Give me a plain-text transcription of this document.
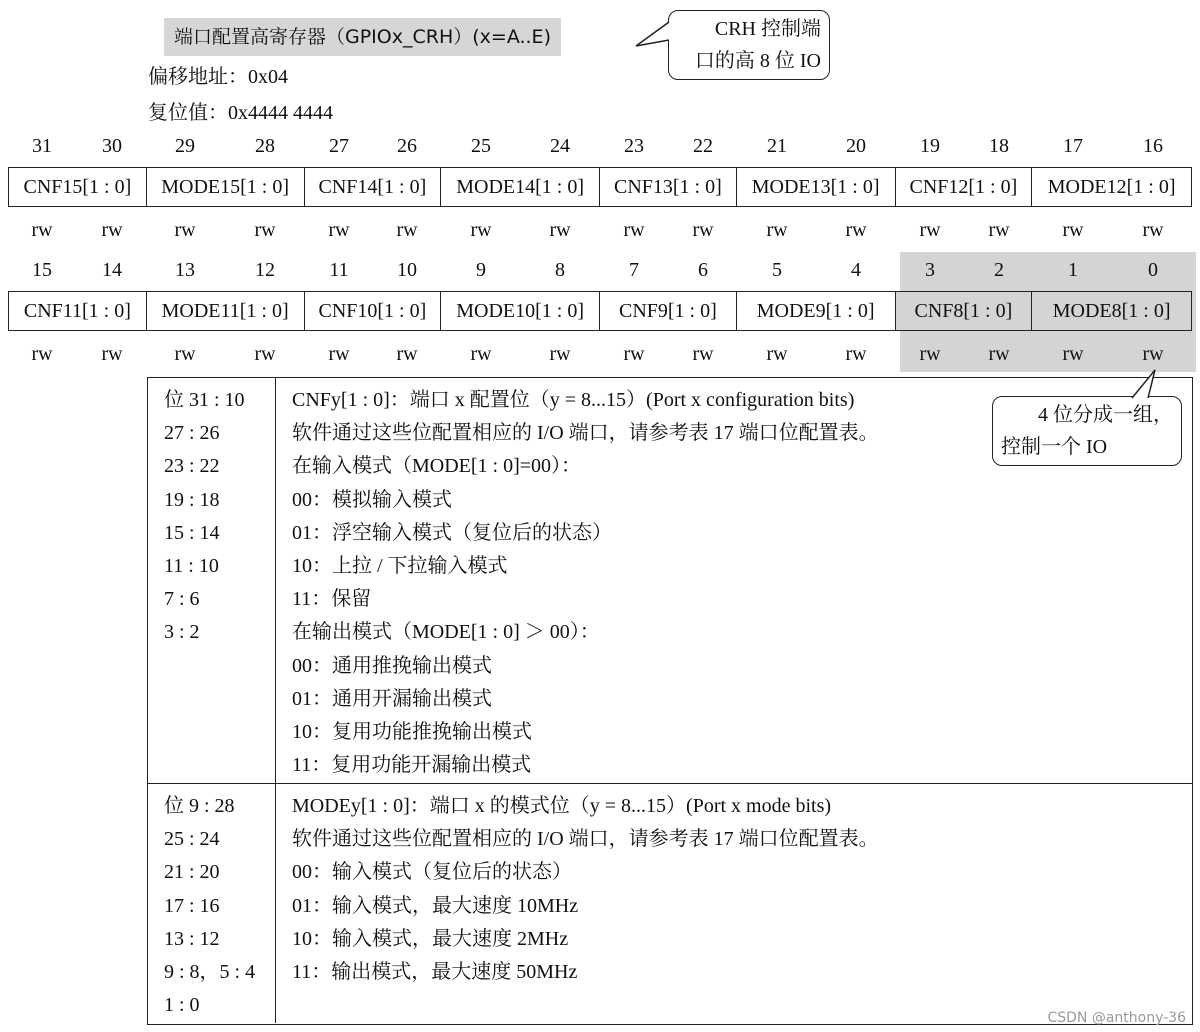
端口配置高寄存器（GPIOx_CRH）(x=A..E)
偏移地址：0x04
复位值：0x4444 4444
CRH 控制端
口的高 8 位 IO
31	30	29	28	27	26	25	24	23	22	21	20	19	18	17	16
CNF15[1 : 0]	MODE15[1 : 0]	CNF14[1 : 0]	MODE14[1 : 0]	CNF13[1 : 0]	MODE13[1 : 0]	CNF12[1 : 0]	MODE12[1 : 0]
rw	rw	rw	rw	rw	rw	rw	rw	rw	rw	rw	rw	rw	rw	rw	rw
15	14	13	12	11	10	9	8	7	6	5	4	3	2	1	0
CNF11[1 : 0]	MODE11[1 : 0]	CNF10[1 : 0]	MODE10[1 : 0]	CNF9[1 : 0]	MODE9[1 : 0]	CNF8[1 : 0]	MODE8[1 : 0]
rw	rw	rw	rw	rw	rw	rw	rw	rw	rw	rw	rw	rw	rw	rw	rw
位 31 : 10
27 : 26
23 : 22
19 : 18
15 : 14
11 : 10
7 : 6
3 : 2
CNFy[1 : 0]：端口 x 配置位（y = 8...15）(Port x configuration bits)
软件通过这些位配置相应的 I/O 端口，请参考表 17 端口位配置表。
在输入模式（MODE[1 : 0]=00）：
00：模拟输入模式
01：浮空输入模式（复位后的状态）
10：上拉 / 下拉输入模式
11：保留
在输出模式（MODE[1 : 0] ＞ 00）：
00：通用推挽输出模式
01：通用开漏输出模式
10：复用功能推挽输出模式
11：复用功能开漏输出模式
位 9 : 28
25 : 24
21 : 20
17 : 16
13 : 12
9 : 8，5 : 4
1 : 0
MODEy[1 : 0]：端口 x 的模式位（y = 8...15）(Port x mode bits)
软件通过这些位配置相应的 I/O 端口，请参考表 17 端口位配置表。
00：输入模式（复位后的状态）
01：输入模式，最大速度 10MHz
10：输入模式，最大速度 2MHz
11：输出模式，最大速度 50MHz
4 位分成一组，
控制一个 IO
CSDN @anthony-36
